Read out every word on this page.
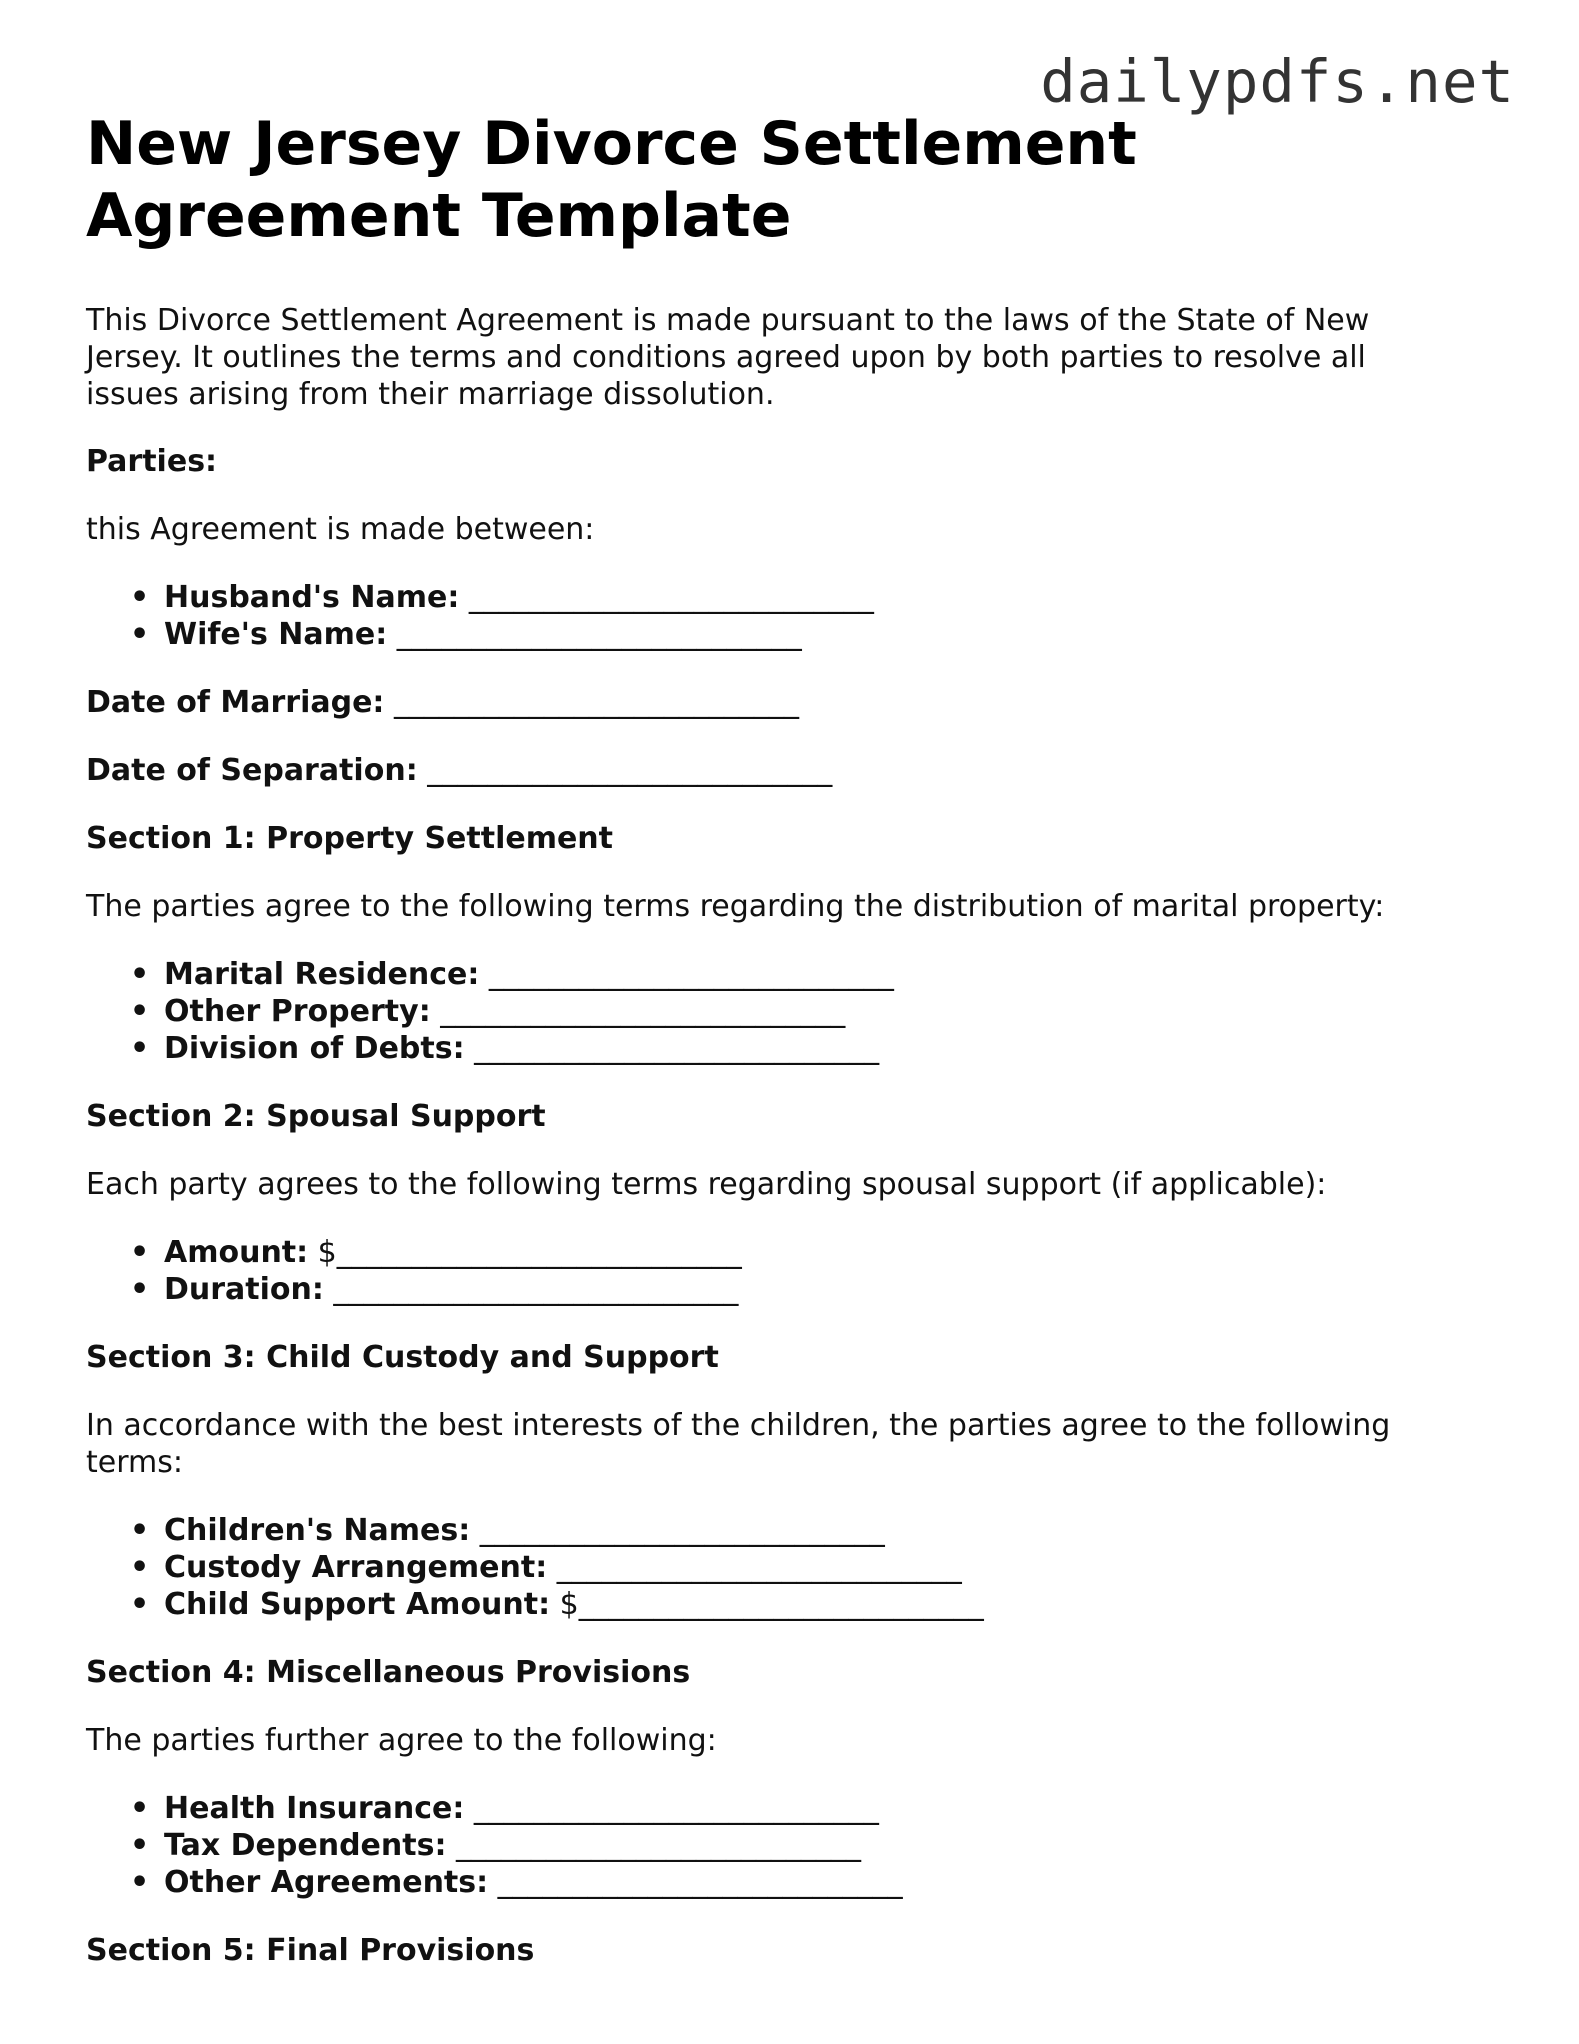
dailypdfs.net
New Jersey Divorce Settlement
Agreement Template

This Divorce Settlement Agreement is made pursuant to the laws of the State of New Jersey. It outlines the terms and conditions agreed upon by both parties to resolve all issues arising from their marriage dissolution.

Parties:

this Agreement is made between:

• Husband's Name: ___________________________
• Wife's Name: ___________________________

Date of Marriage: ___________________________

Date of Separation: ___________________________

Section 1: Property Settlement

The parties agree to the following terms regarding the distribution of marital property:

• Marital Residence: ___________________________
• Other Property: ___________________________
• Division of Debts: ___________________________

Section 2: Spousal Support

Each party agrees to the following terms regarding spousal support (if applicable):

• Amount: $___________________________
• Duration: ___________________________

Section 3: Child Custody and Support

In accordance with the best interests of the children, the parties agree to the following terms:

• Children's Names: ___________________________
• Custody Arrangement: ___________________________
• Child Support Amount: $___________________________

Section 4: Miscellaneous Provisions

The parties further agree to the following:

• Health Insurance: ___________________________
• Tax Dependents: ___________________________
• Other Agreements: ___________________________

Section 5: Final Provisions
